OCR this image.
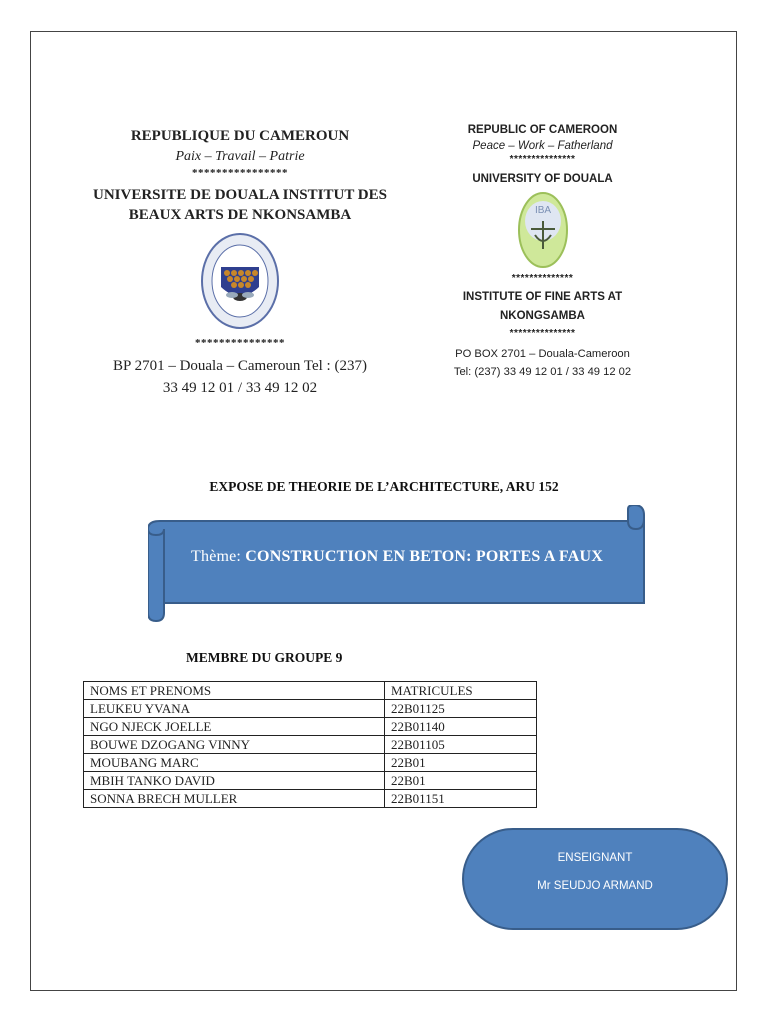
REPUBLIQUE DU CAMEROUN
Paix – Travail – Patrie
****************
UNIVERSITE DE DOUALA INSTITUT DES
BEAUX ARTS DE NKONSAMBA
***************
BP 2701 – Douala – Cameroun Tel : (237)
33 49 12 01 / 33 49 12 02
REPUBLIC OF CAMEROON
Peace – Work – Fatherland
***************
UNIVERSITY OF DOUALA
IBA
**************
INSTITUTE OF FINE ARTS AT
NKONGSAMBA
***************
PO BOX 2701 – Douala-Cameroon
Tel: (237) 33 49 12 01 / 33 49 12 02
EXPOSE DE THEORIE DE L’ARCHITECTURE, ARU 152
Thème: CONSTRUCTION EN BETON: PORTES A FAUX
MEMBRE DU GROUPE 9
NOMS ET PRENOMS	MATRICULES
LEUKEU YVANA	22B01125
NGO NJECK JOELLE	22B01140
BOUWE DZOGANG VINNY	22B01105
MOUBANG MARC	22B01
MBIH TANKO DAVID	22B01
SONNA BRECH MULLER	22B01151
ENSEIGNANT
Mr SEUDJO ARMAND
